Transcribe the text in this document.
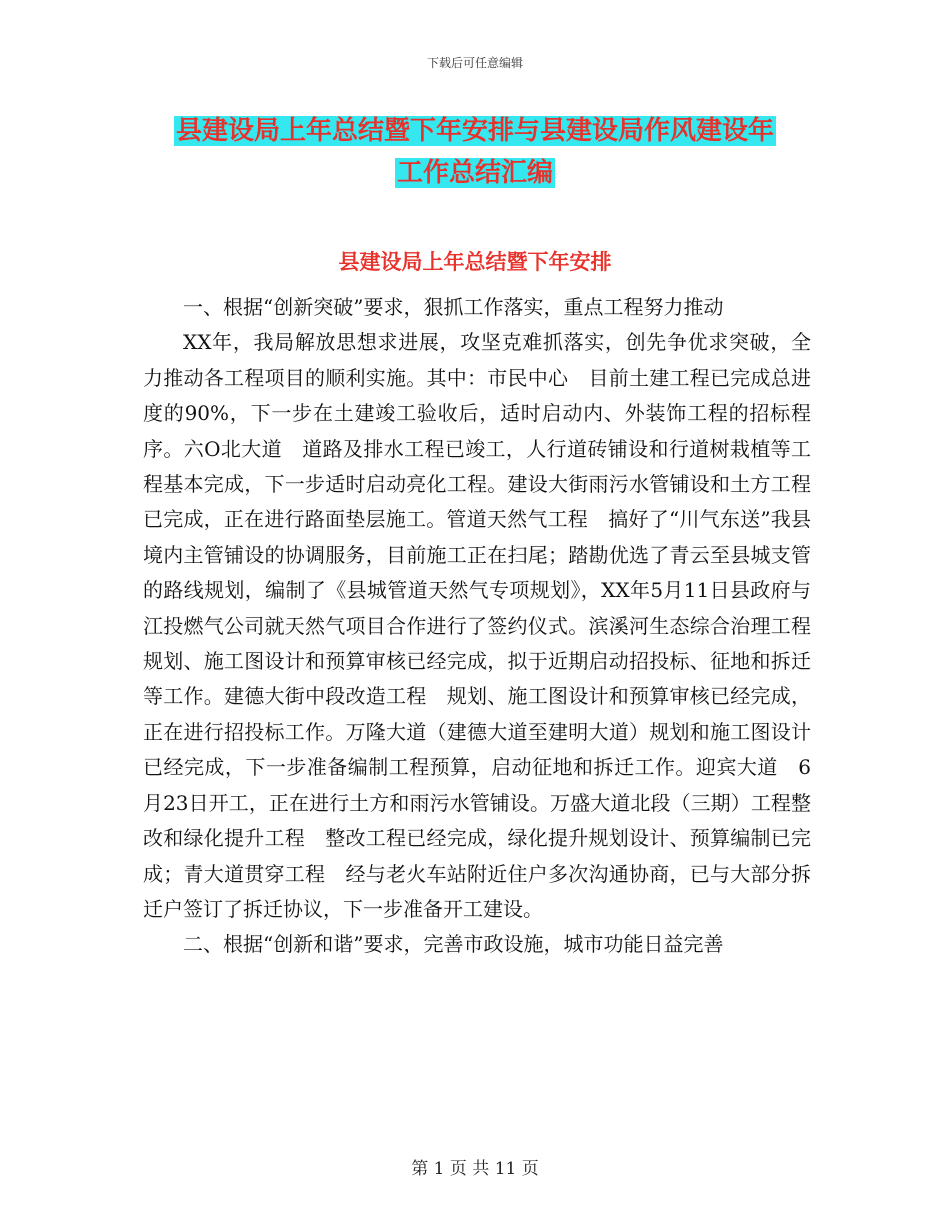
下载后可任意编辑
县建设局上年总结暨下年安排与县建设局作风建设年
工作总结汇编
县建设局上年总结暨下年安排

一、根据“创新突破”要求，狠抓工作落实，重点工程努力推动

XX年，我局解放思想求进展，攻坚克难抓落实，创先争优求突破，全力推动各工程项目的顺利实施。其中：市民中心　目前土建工程已完成总进度的90%，下一步在土建竣工验收后，适时启动内、外装饰工程的招标程序。六O北大道　道路及排水工程已竣工，人行道砖铺设和行道树栽植等工程基本完成，下一步适时启动亮化工程。建设大街雨污水管铺设和土方工程已完成，正在进行路面垫层施工。管道天然气工程　搞好了“川气东送”我县境内主管铺设的协调服务，目前施工正在扫尾；踏勘优选了青云至县城支管的路线规划，编制了《县城管道天然气专项规划》，XX年5月11日县政府与江投燃气公司就天然气项目合作进行了签约仪式。滨溪河生态综合治理工程　规划、施工图设计和预算审核已经完成，拟于近期启动招投标、征地和拆迁等工作。建德大街中段改造工程　规划、施工图设计和预算审核已经完成，正在进行招投标工作。万隆大道（建德大道至建明大道）规划和施工图设计已经完成，下一步准备编制工程预算，启动征地和拆迁工作。迎宾大道　6月23日开工，正在进行土方和雨污水管铺设。万盛大道北段（三期）工程整改和绿化提升工程　整改工程已经完成，绿化提升规划设计、预算编制已完成；青大道贯穿工程　经与老火车站附近住户多次沟通协商，已与大部分拆迁户签订了拆迁协议，下一步准备开工建设。

二、根据“创新和谐”要求，完善市政设施，城市功能日益完善

第 1 页 共 11 页
